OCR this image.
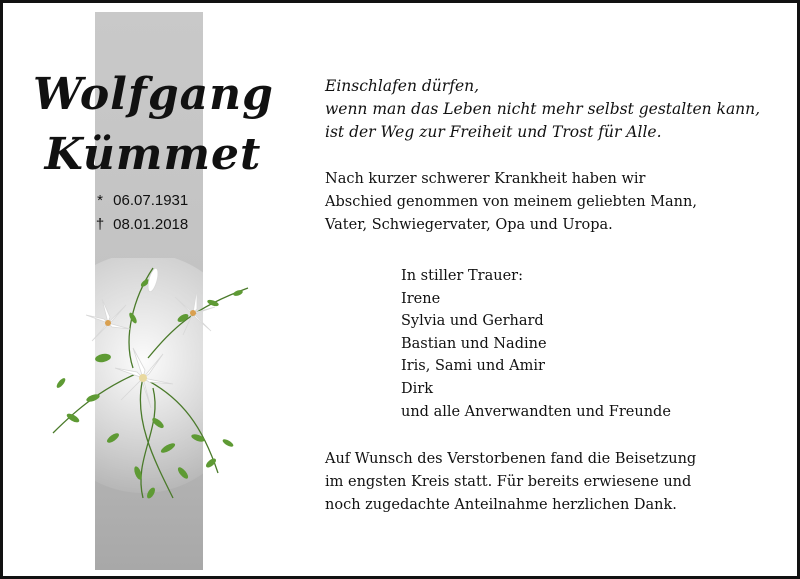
Wolfgang
Kümmet
* 06.07.1931
† 08.01.2018
Einschlafen dürfen,
wenn man das Leben nicht mehr selbst gestalten kann,
ist der Weg zur Freiheit und Trost für Alle.
Nach kurzer schwerer Krankheit haben wir
Abschied genommen von meinem geliebten Mann,
Vater, Schwiegervater, Opa und Uropa.
In stiller Trauer:
Irene
Sylvia und Gerhard
Bastian und Nadine
Iris, Sami und Amir
Dirk
und alle Anverwandten und Freunde
Auf Wunsch des Verstorbenen fand die Beisetzung
im engsten Kreis statt. Für bereits erwiesene und
noch zugedachte Anteilnahme herzlichen Dank.
